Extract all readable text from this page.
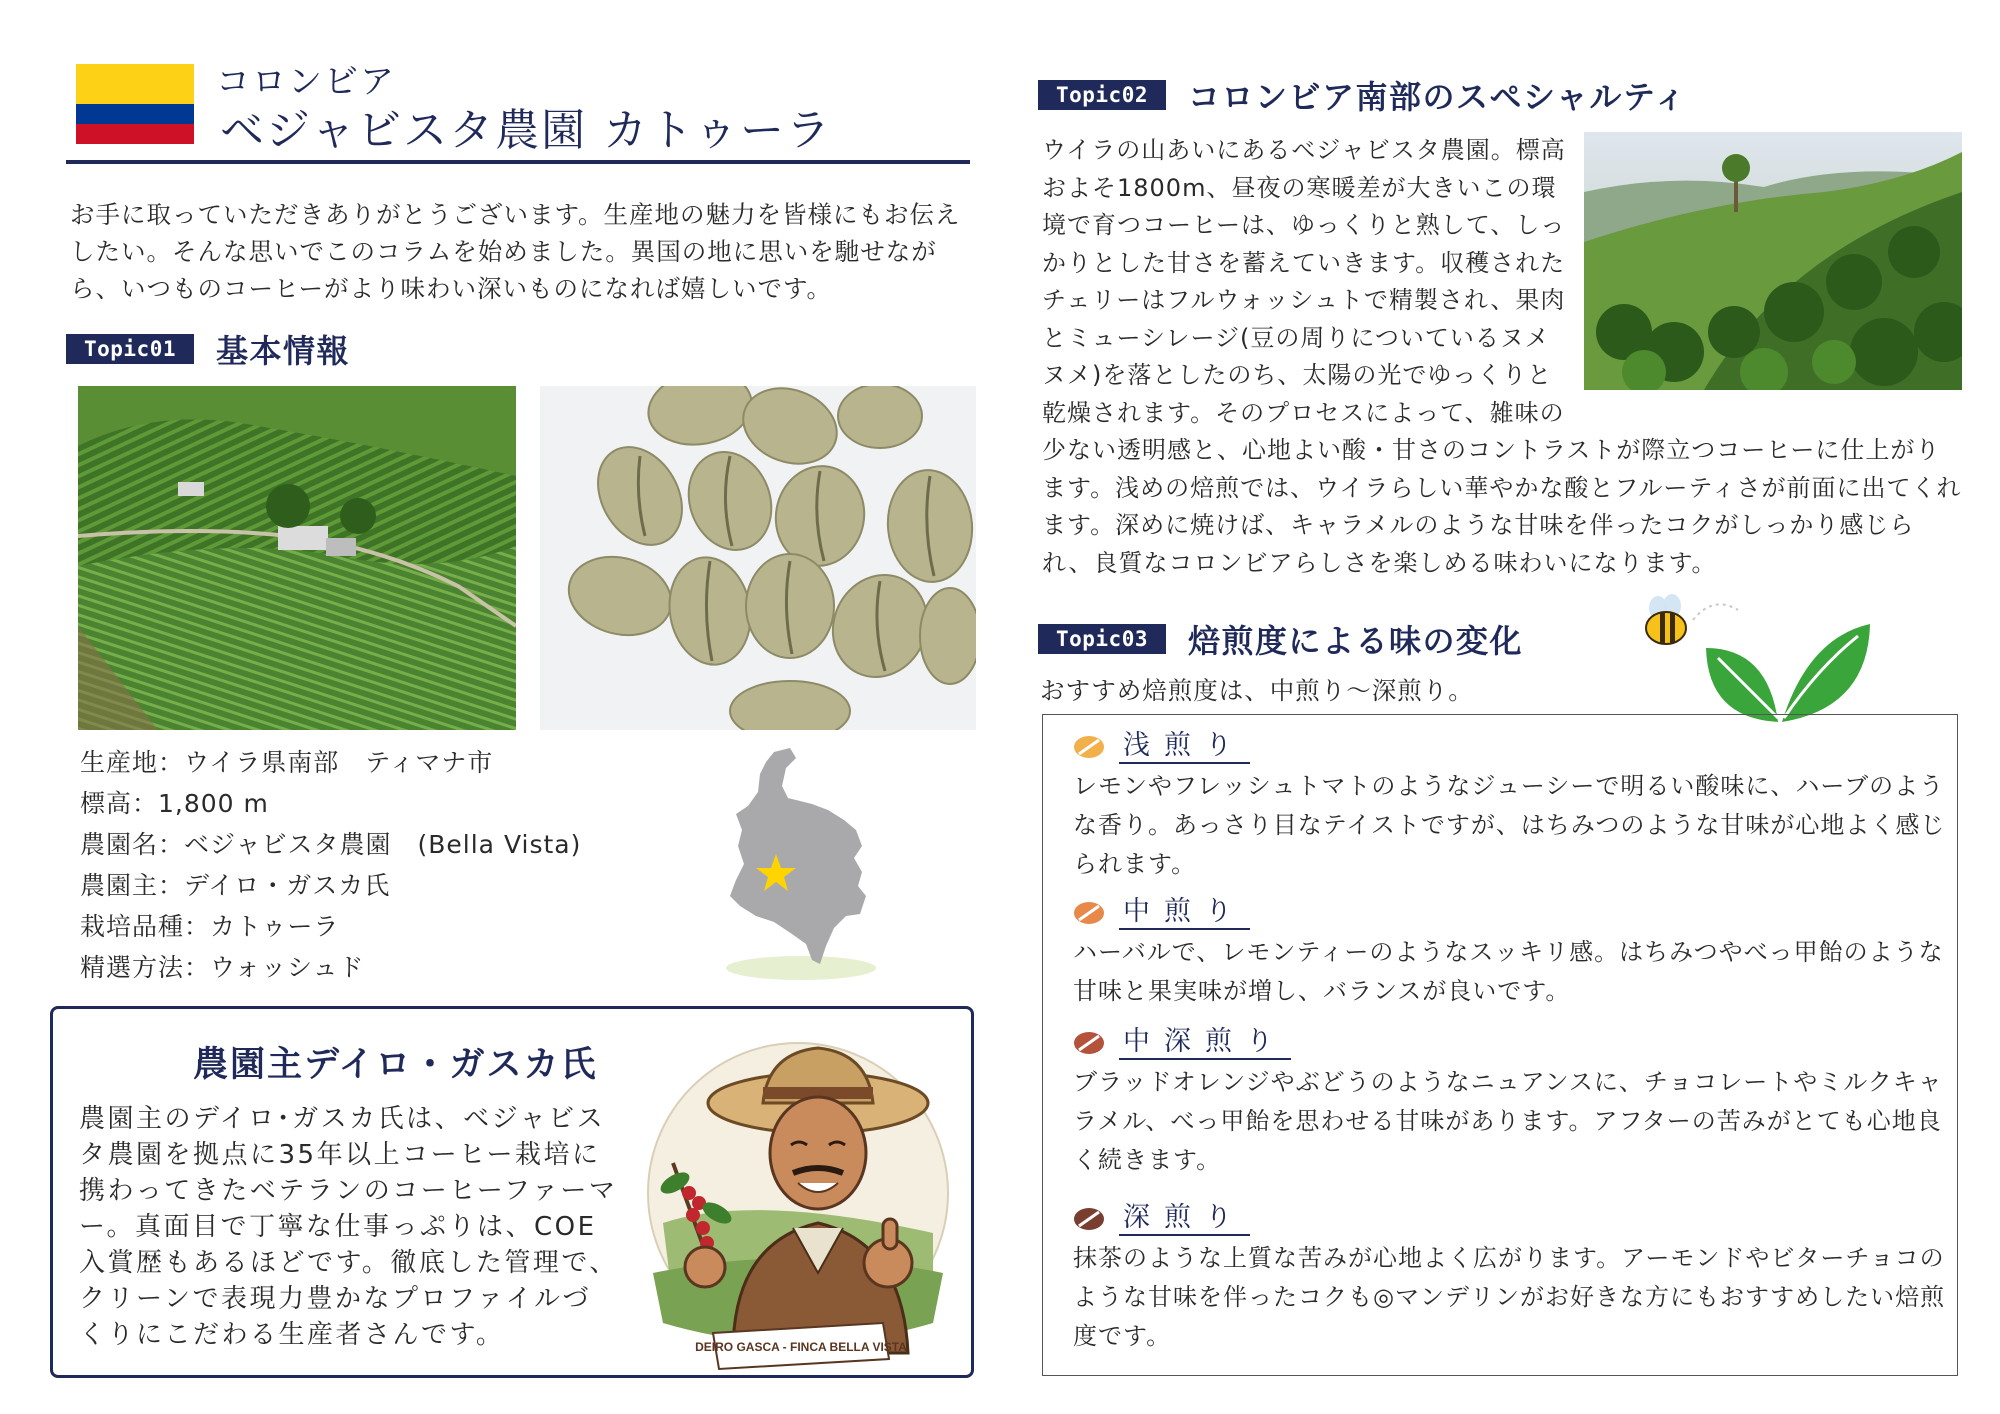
コロンビア
ベジャビスタ農園 カトゥーラ

お手に取っていただきありがとうございます。生産地の魅力を皆様にもお伝えしたい。そんな思いでこのコラムを始めました。異国の地に思いを馳せながら、いつものコーヒーがより味わい深いものになれば嬉しいです。

Topic01	基本情報
生産地：ウイラ県南部　ティマナ市
標高：1,800 m
農園名：ベジャビスタ農園　(Bella Vista)
農園主：デイロ・ガスカ氏
栽培品種：カトゥーラ
精選方法：ウォッシュド
農園主デイロ・ガスカ氏

農園主のデイロ･ガスカ氏は、ベジャビスタ農園を拠点に35年以上コーヒー栽培に携わってきたベテランのコーヒーファーマー。真面目で丁寧な仕事っぷりは、COE入賞歴もあるほどです。徹底した管理で、クリーンで表現力豊かなプロファイルづくりにこだわる生産者さんです。	DEIRO GASCA - FINCA BELLA VISTA
Topic02	コロンビア南部のスペシャルティ
ウイラの山あいにあるベジャビスタ農園。標高およそ1800m、昼夜の寒暖差が大きいこの環境で育つコーヒーは、ゆっくりと熟して、しっかりとした甘さを蓄えていきます。収穫されたチェリーはフルウォッシュトで精製され、果肉とミューシレージ(豆の周りについているヌメヌメ)を落としたのち、太陽の光でゆっくりと乾燥されます。そのプロセスによって、雑味の少ない透明感と、心地よい酸・甘さのコントラストが際立つコーヒーに仕上がります。浅めの焙煎では、ウイラらしい華やかな酸とフルーティさが前面に出てくれます。深めに焼けば、キャラメルのような甘味を伴ったコクがしっかり感じられ、良質なコロンビアらしさを楽しめる味わいになります。
Topic03	焙煎度による味の変化
おすすめ焙煎度は、中煎り～深煎り。
浅煎り

レモンやフレッシュトマトのようなジューシーで明るい酸味に、ハーブのような香り。あっさり目なテイストですが、はちみつのような甘味が心地よく感じられます。

中煎り

ハーバルで、レモンティーのようなスッキリ感。はちみつやべっ甲飴のような甘味と果実味が増し、バランスが良いです。

中深煎り

ブラッドオレンジやぶどうのようなニュアンスに、チョコレートやミルクキャラメル、べっ甲飴を思わせる甘味があります。アフターの苦みがとても心地良く続きます。

深煎り

抹茶のような上質な苦みが心地よく広がります。アーモンドやビターチョコのような甘味を伴ったコクも◎マンデリンがお好きな方にもおすすめしたい焙煎度です。
